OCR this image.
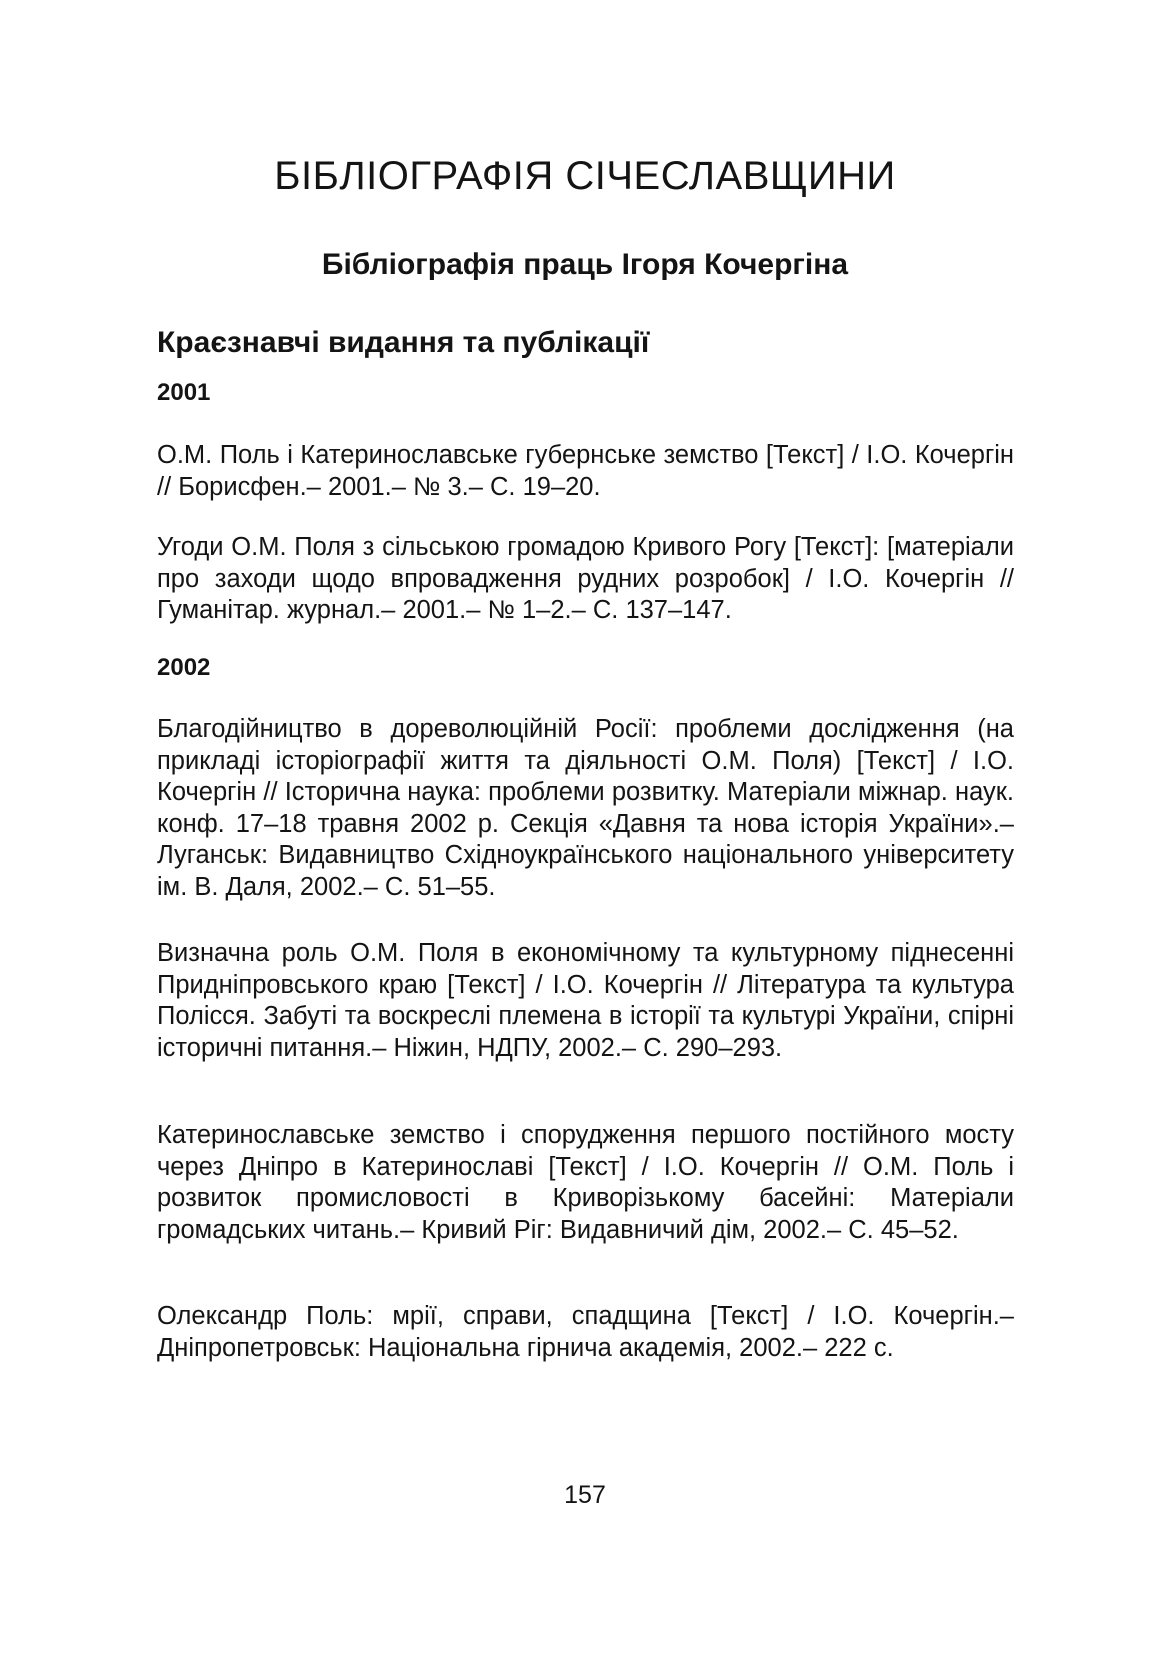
БІБЛІОГРАФІЯ СІЧЕСЛАВЩИНИ
Бібліографія праць Ігоря Кочергіна
Краєзнавчі видання та публікації
2001

О.М. Поль і Катеринославське губернське земство [Текст] / І.О. Кочергін // Борисфен.– 2001.– № 3.– С. 19–20.

Угоди О.М. Поля з сільською громадою Кривого Рогу [Текст]: [матеріали про заходи щодо впровадження рудних розробок] / І.О. Кочергін // Гуманітар. журнал.– 2001.– № 1–2.– С. 137–147.

2002

Благодійництво в дореволюційній Росії: проблеми дослідження (на прикладі історіографії життя та діяльності О.М. Поля) [Текст] / І.О. Кочергін // Історична наука: проблеми розвитку. Матеріали міжнар. наук. конф. 17–18 травня 2002 р. Секція «Давня та нова історія України».– Луганськ: Видавництво Східноукраїнського національного університету ім. В. Даля, 2002.– С. 51–55.

Визначна роль О.М. Поля в економічному та культурному піднесенні Придніпровського краю [Текст] / І.О. Кочергін // Література та культура Полісся. Забуті та воскреслі племена в історії та культурі України, спірні історичні питання.– Ніжин, НДПУ, 2002.– С. 290–293.

Катеринославське земство і спорудження першого постійного мосту через Дніпро в Катеринославі [Текст] / І.О. Кочергін // О.М. Поль і розвиток промисловості в Криворізькому басейні: Матеріали громадських читань.– Кривий Ріг: Видавничий дім, 2002.– С. 45–52.

Олександр Поль: мрії, справи, спадщина [Текст] / І.О. Кочергін.– Дніпропетровськ: Національна гірнича академія, 2002.– 222 с.

157
